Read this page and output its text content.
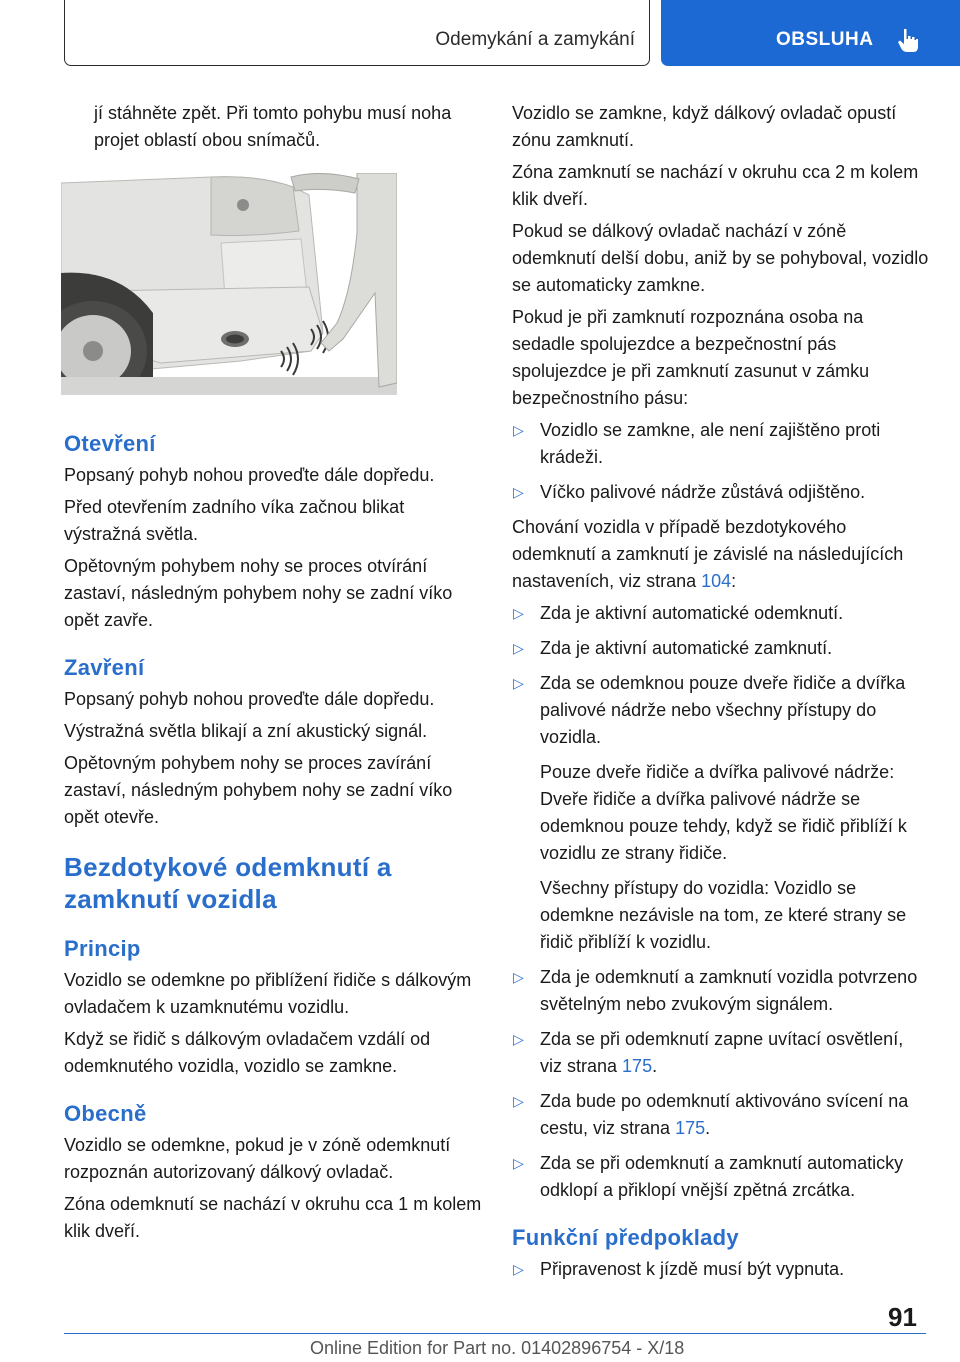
Odemykání a zamykání	OBSLUHA

jí stáhněte zpět. Při tomto pohybu musí noha projet oblastí obou snímačů.

Otevření

Popsaný pohyb nohou proveďte dále dopředu.

Před otevřením zadního víka začnou blikat výstražná světla.

Opětovným pohybem nohy se proces otvírání zastaví, následným pohybem nohy se zadní víko opět zavře.

Zavření

Popsaný pohyb nohou proveďte dále dopředu.

Výstražná světla blikají a zní akustický signál.

Opětovným pohybem nohy se proces zavírání zastaví, následným pohybem nohy se zadní víko opět otevře.

Bezdotykové odemknutí a zamknutí vozidla
Princip

Vozidlo se odemkne po přiblížení řidiče s dálkovým ovladačem k uzamknutému vozidlu.

Když se řidič s dálkovým ovladačem vzdálí od odemknutého vozidla, vozidlo se zamkne.

Obecně

Vozidlo se odemkne, pokud je v zóně odemknutí rozpoznán autorizovaný dálkový ovladač.

Zóna odemknutí se nachází v okruhu cca 1 m kolem klik dveří.

Vozidlo se zamkne, když dálkový ovladač opustí zónu zamknutí.

Zóna zamknutí se nachází v okruhu cca 2 m kolem klik dveří.

Pokud se dálkový ovladač nachází v zóně odemknutí delší dobu, aniž by se pohyboval, vozidlo se automaticky zamkne.

Pokud je při zamknutí rozpoznána osoba na sedadle spolujezdce a bezpečnostní pás spolujezdce je při zamknutí zasunut v zámku bezpečnostního pásu:

▷ Vozidlo se zamkne, ale není zajištěno proti krádeži.
▷ Víčko palivové nádrže zůstává odjištěno.

Chování vozidla v případě bezdotykového odemknutí a zamknutí je závislé na následujících nastaveních, viz strana 104:

▷ Zda je aktivní automatické odemknutí.
▷ Zda je aktivní automatické zamknutí.
▷ Zda se odemknou pouze dveře řidiče a dvířka palivové nádrže nebo všechny přístupy do vozidla.

Pouze dveře řidiče a dvířka palivové nádrže: Dveře řidiče a dvířka palivové nádrže se odemknou pouze tehdy, když se řidič přiblíží k vozidlu ze strany řidiče.

Všechny přístupy do vozidla: Vozidlo se odemkne nezávisle na tom, ze které strany se řidič přiblíží k vozidlu.

▷ Zda je odemknutí a zamknutí vozidla potvrzeno světelným nebo zvukovým signálem.
▷ Zda se při odemknutí zapne uvítací osvětlení, viz strana 175.
▷ Zda bude po odemknutí aktivováno svícení na cestu, viz strana 175.
▷ Zda se při odemknutí a zamknutí automaticky odklopí a přiklopí vnější zpětná zrcátka.
Funkční předpoklady
▷ Připravenost k jízdě musí být vypnuta.
91
Online Edition for Part no. 01402896754 - X/18
